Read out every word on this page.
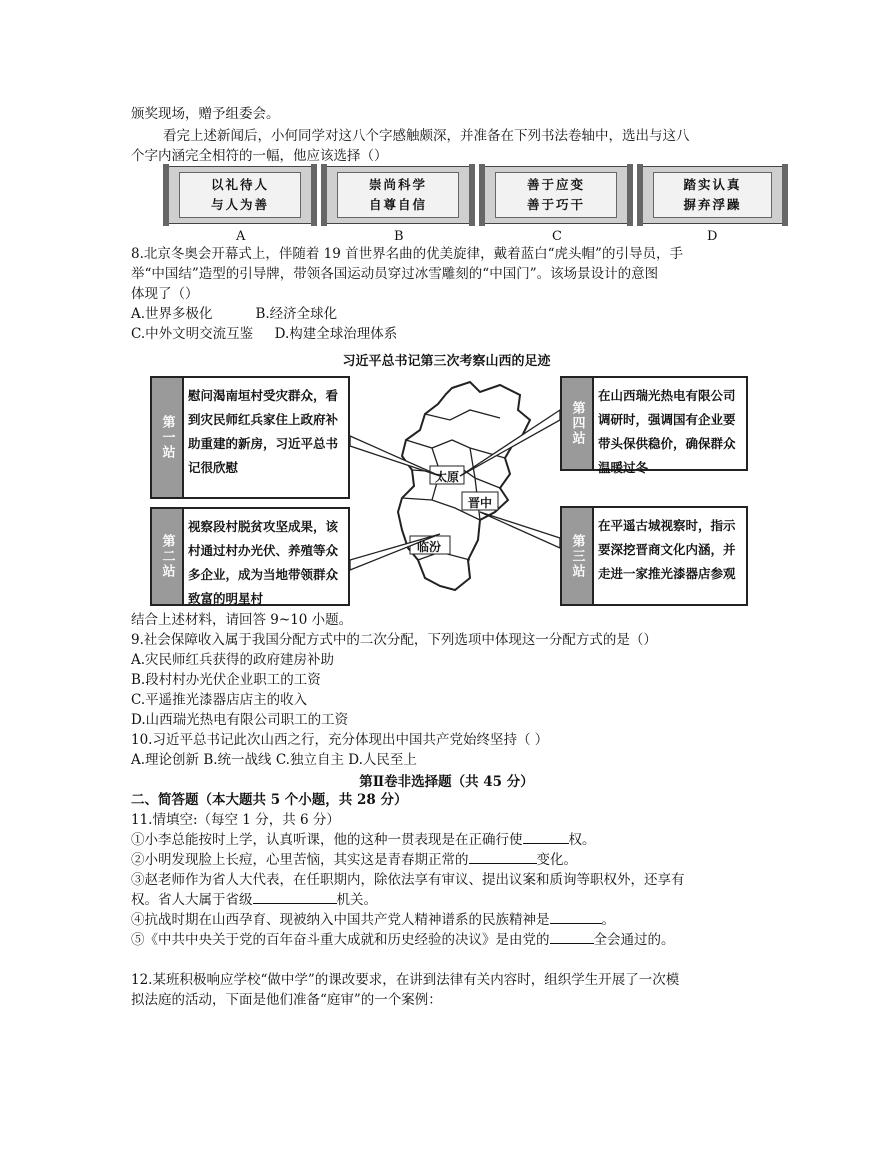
颁奖现场，赠予组委会。
看完上述新闻后，小何同学对这八个字感触颇深，并准备在下列书法卷轴中，选出与这八
个字内涵完全相符的一幅，他应该选择（）
以礼待人
与人为善
崇尚科学
自尊自信
善于应变
善于巧干
踏实认真
摒弃浮躁
A	B	C	D
8.北京冬奥会开幕式上，伴随着 19 首世界名曲的优美旋律，戴着蓝白“虎头帽”的引导员，手
举“中国结”造型的引导牌，带领各国运动员穿过冰雪雕刻的“中国门”。该场景设计的意图
体现了（）
A.世界多极化          B.经济全球化
C.中外文明交流互鉴     D.构建全球治理体系
习近平总书记第三次考察山西的足迹
太原
晋中
临汾
第一站
慰问渴南垣村受灾群众，看到灾民师红兵家住上政府补助重建的新房，习近平总书记很欣慰
第二站
视察段村脱贫攻坚成果，该村通过村办光伏、养殖等众多企业，成为当地带领群众致富的明星村
第四站
在山西瑞光热电有限公司调研时，强调国有企业要带头保供稳价，确保群众温暖过冬
第三站
在平遥古城视察时，指示要深挖晋商文化内涵，并走进一家推光漆器店参观
结合上述材料，请回答 9~10 小题。
9.社会保障收入属于我国分配方式中的二次分配，下列选项中体现这一分配方式的是（）
A.灾民师红兵获得的政府建房补助
B.段村村办光伏企业职工的工资
C.平遥推光漆器店店主的收入
D.山西瑞光热电有限公司职工的工资
10.习近平总书记此次山西之行，充分体现出中国共产党始终坚持（ ）
A.理论创新 B.统一战线 C.独立自主 D.人民至上
第Ⅱ卷非选择题（共 45 分）
二、简答题（本大题共 5 个小题，共 28 分）
11.情填空:（每空 1 分，共 6 分）
①小李总能按时上学，认真听课，他的这种一贯表现是在正确行使	权。
②小明发现脸上长痘，心里苦恼，其实这是青春期正常的	变化。
③赵老师作为省人大代表，在任职期内，除依法享有审议、提出议案和质询等职权外，还享有
权。省人大属于省级	机关。
④抗战时期在山西孕育、现被纳入中国共产党人精神谱系的民族精神是	。
⑤《中共中央关于党的百年奋斗重大成就和历史经验的决议》是由党的	全会通过的。
12.某班积极响应学校“做中学”的课改要求，在讲到法律有关内容时，组织学生开展了一次模
拟法庭的活动，下面是他们准备“庭审”的一个案例：
